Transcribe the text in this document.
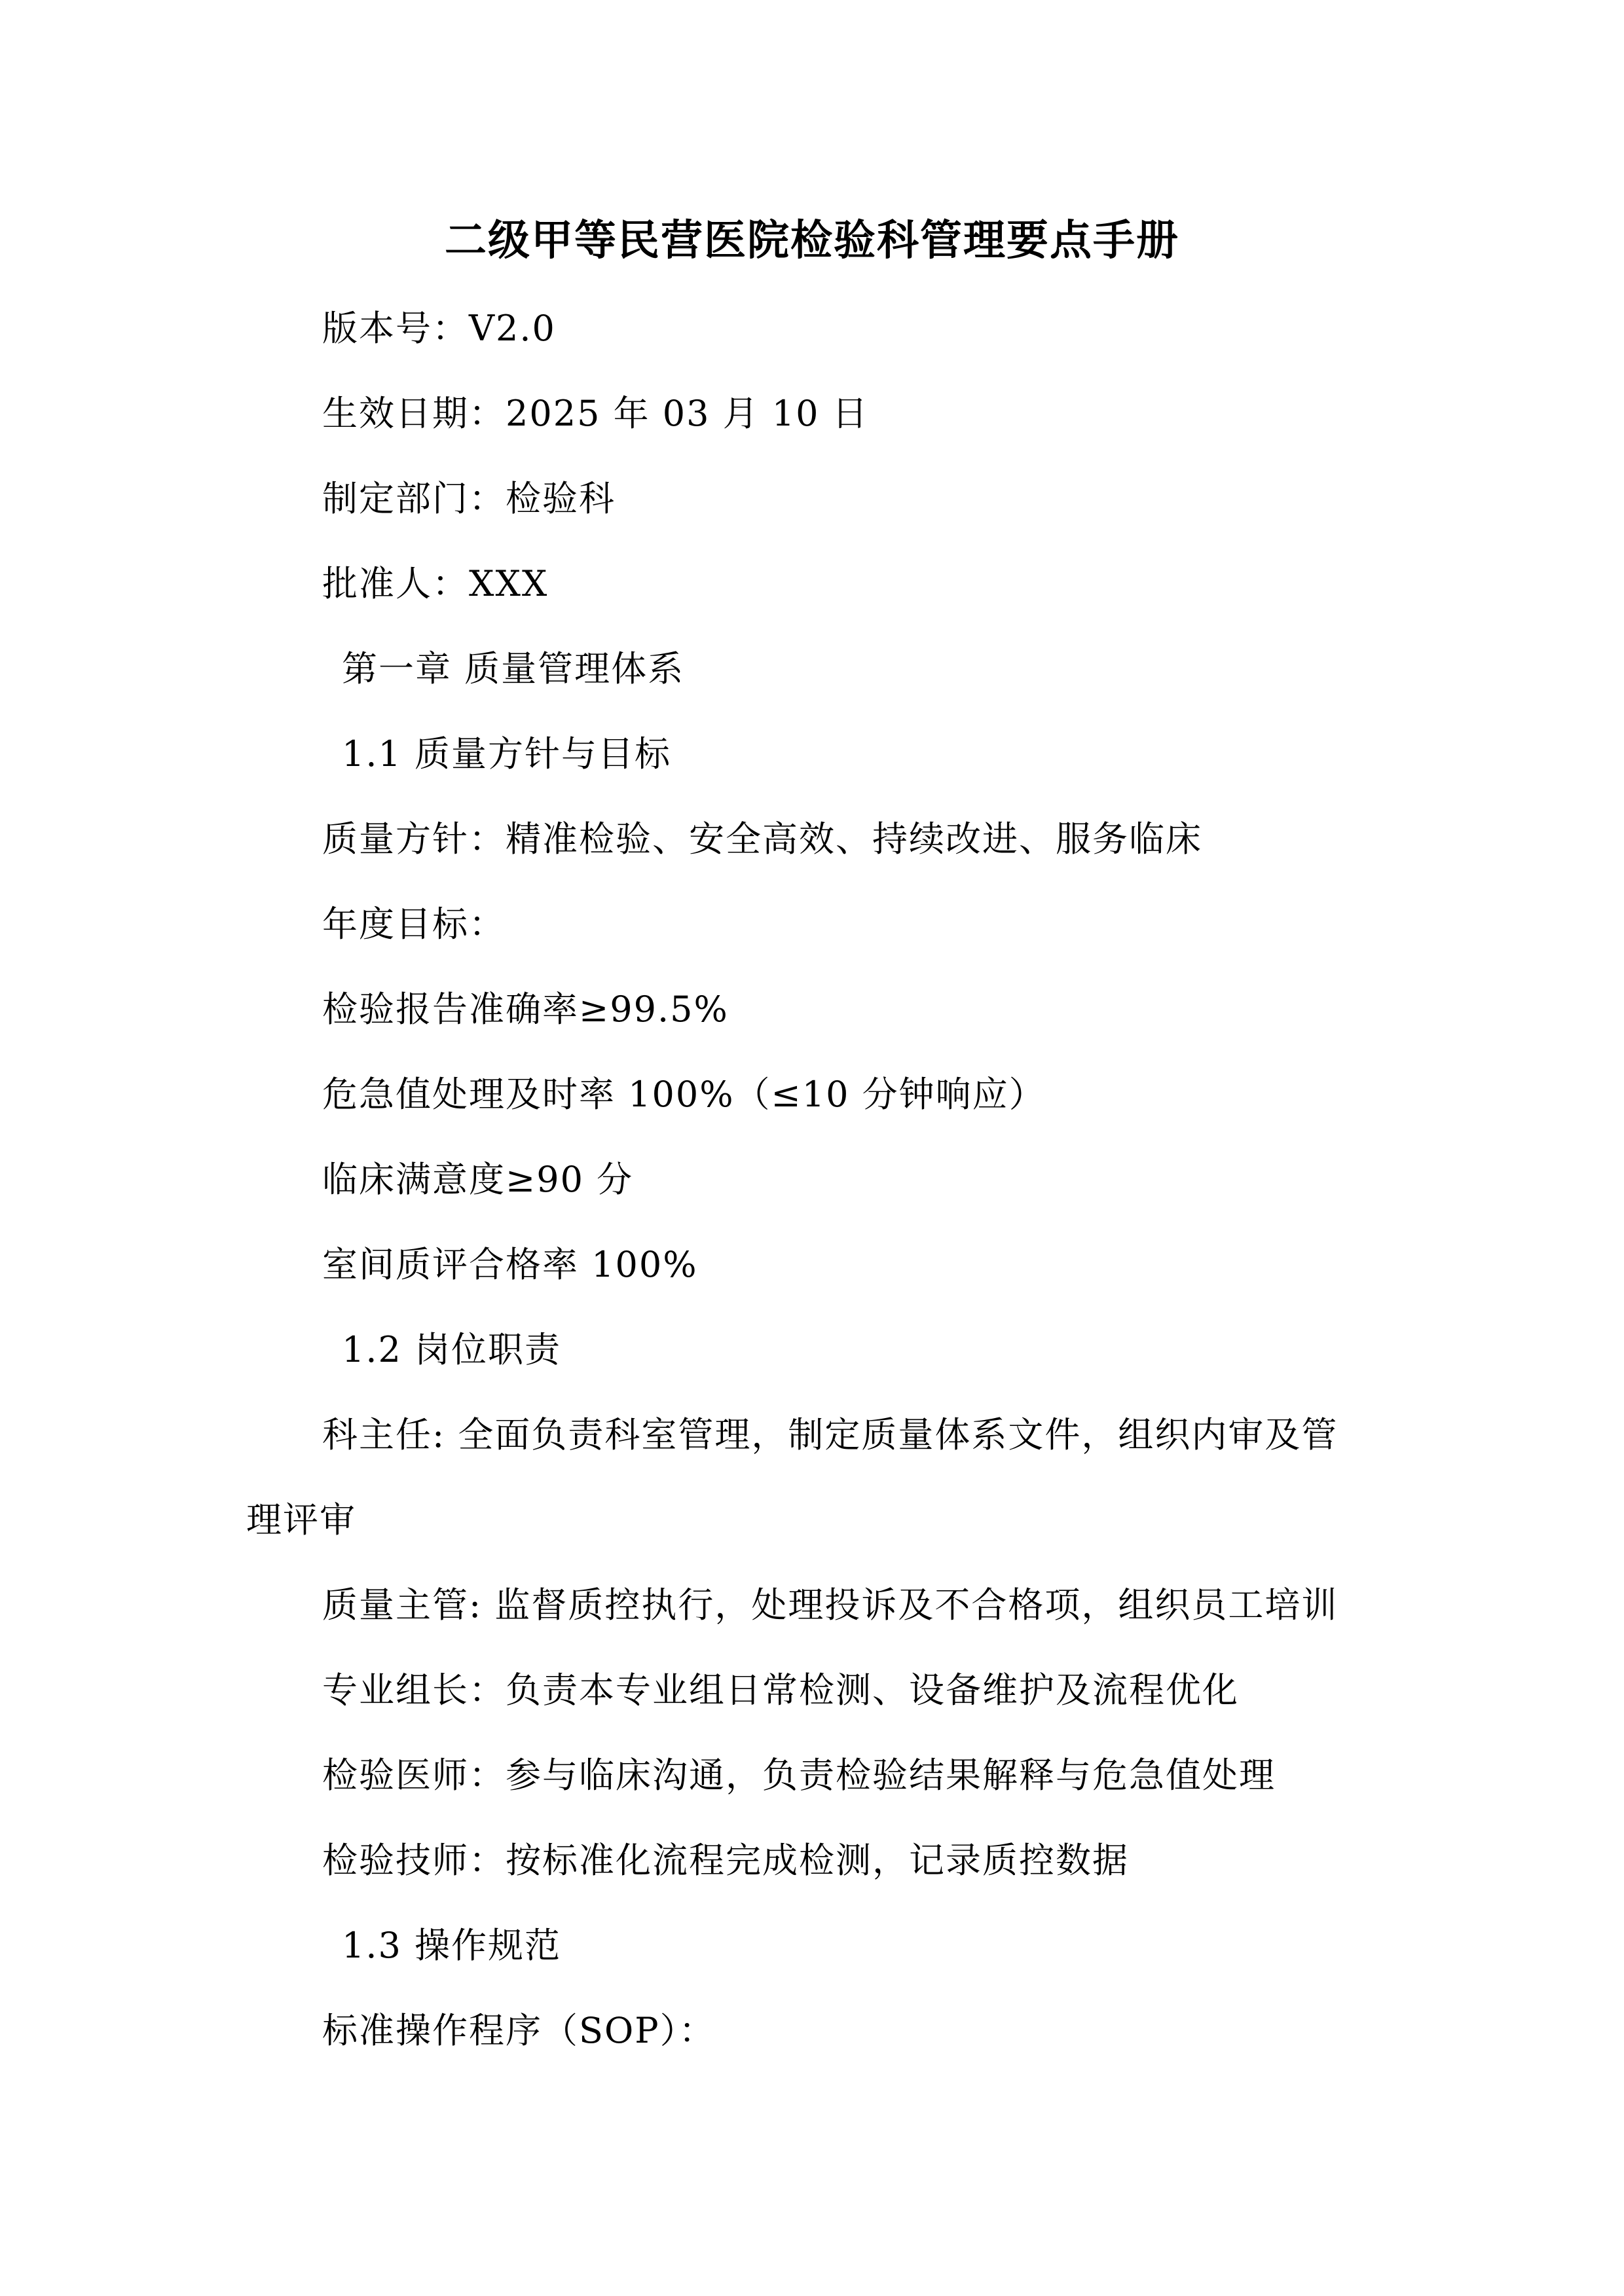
二级甲等民营医院检验科管理要点手册
版本号：V2.0
生效日期：2025 年 03 月 10 日
制定部门：检验科
批准人：XXX
第一章 质量管理体系
1.1 质量方针与目标
质量方针：精准检验、安全高效、持续改进、服务临床
年度目标：
检验报告准确率≥99.5%
危急值处理及时率 100%（≤10 分钟响应）
临床满意度≥90 分
室间质评合格率 100%
1.2 岗位职责
科主任: 全面负责科室管理，制定质量体系文件，组织内审及管
理评审
质量主管: 监督质控执行，处理投诉及不合格项，组织员工培训
专业组长：负责本专业组日常检测、设备维护及流程优化
检验医师：参与临床沟通，负责检验结果解释与危急值处理
检验技师：按标准化流程完成检测，记录质控数据
1.3 操作规范
标准操作程序（SOP）：
